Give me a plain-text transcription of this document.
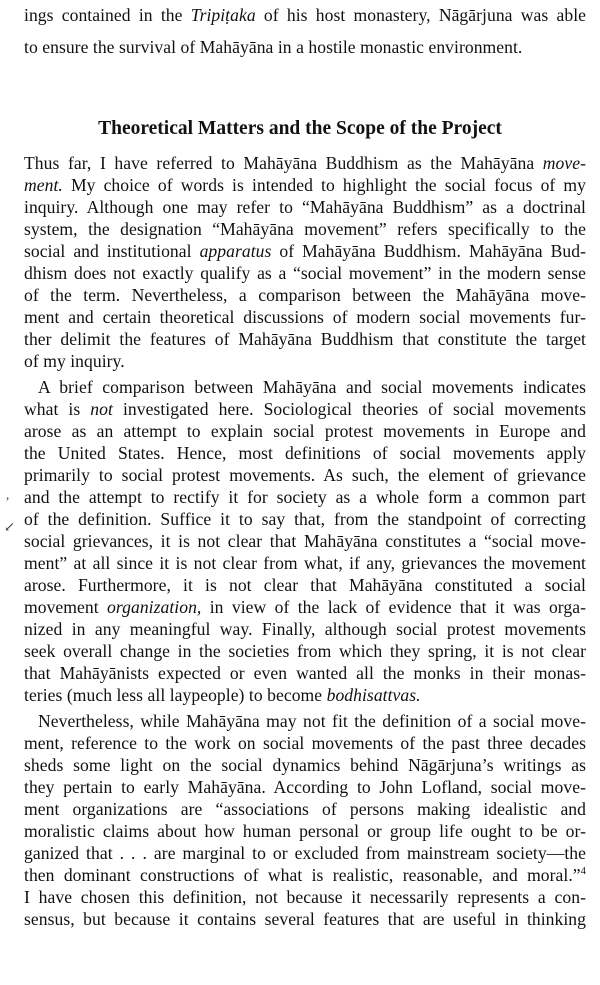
ings contained in the Tripiṭaka of his host monastery, Nāgārjuna was able
to ensure the survival of Mahāyāna in a hostile monastic environment.
Theoretical Matters and the Scope of the Project
Thus far, I have referred to Mahāyāna Buddhism as the Mahāyāna move-
ment. My choice of words is intended to highlight the social focus of my
inquiry. Although one may refer to “Mahāyāna Buddhism” as a doctrinal
system, the designation “Mahāyāna movement” refers specifically to the
social and institutional apparatus of Mahāyāna Buddhism. Mahāyāna Bud-
dhism does not exactly qualify as a “social movement” in the modern sense
of the term. Nevertheless, a comparison between the Mahāyāna move-
ment and certain theoretical discussions of modern social movements fur-
ther delimit the features of Mahāyāna Buddhism that constitute the target
of my inquiry.
A brief comparison between Mahāyāna and social movements indicates
what is not investigated here. Sociological theories of social movements
arose as an attempt to explain social protest movements in Europe and
the United States. Hence, most definitions of social movements apply
primarily to social protest movements. As such, the element of grievance
and the attempt to rectify it for society as a whole form a common part
of the definition. Suffice it to say that, from the standpoint of correcting
social grievances, it is not clear that Mahāyāna constitutes a “social move-
ment” at all since it is not clear from what, if any, grievances the movement
arose. Furthermore, it is not clear that Mahāyāna constituted a social
movement organization, in view of the lack of evidence that it was orga-
nized in any meaningful way. Finally, although social protest movements
seek overall change in the societies from which they spring, it is not clear
that Mahāyānists expected or even wanted all the monks in their monas-
teries (much less all laypeople) to become bodhisattvas.
Nevertheless, while Mahāyāna may not fit the definition of a social move-
ment, reference to the work on social movements of the past three decades
sheds some light on the social dynamics behind Nāgārjuna’s writings as
they pertain to early Mahāyāna. According to John Lofland, social move-
ment organizations are “associations of persons making idealistic and
moralistic claims about how human personal or group life ought to be or-
ganized that . . . are marginal to or excluded from mainstream society—the
then dominant constructions of what is realistic, reasonable, and moral.”$^4$
I have chosen this definition, not because it necessarily represents a con-
sensus, but because it contains several features that are useful in thinking
,
↙
